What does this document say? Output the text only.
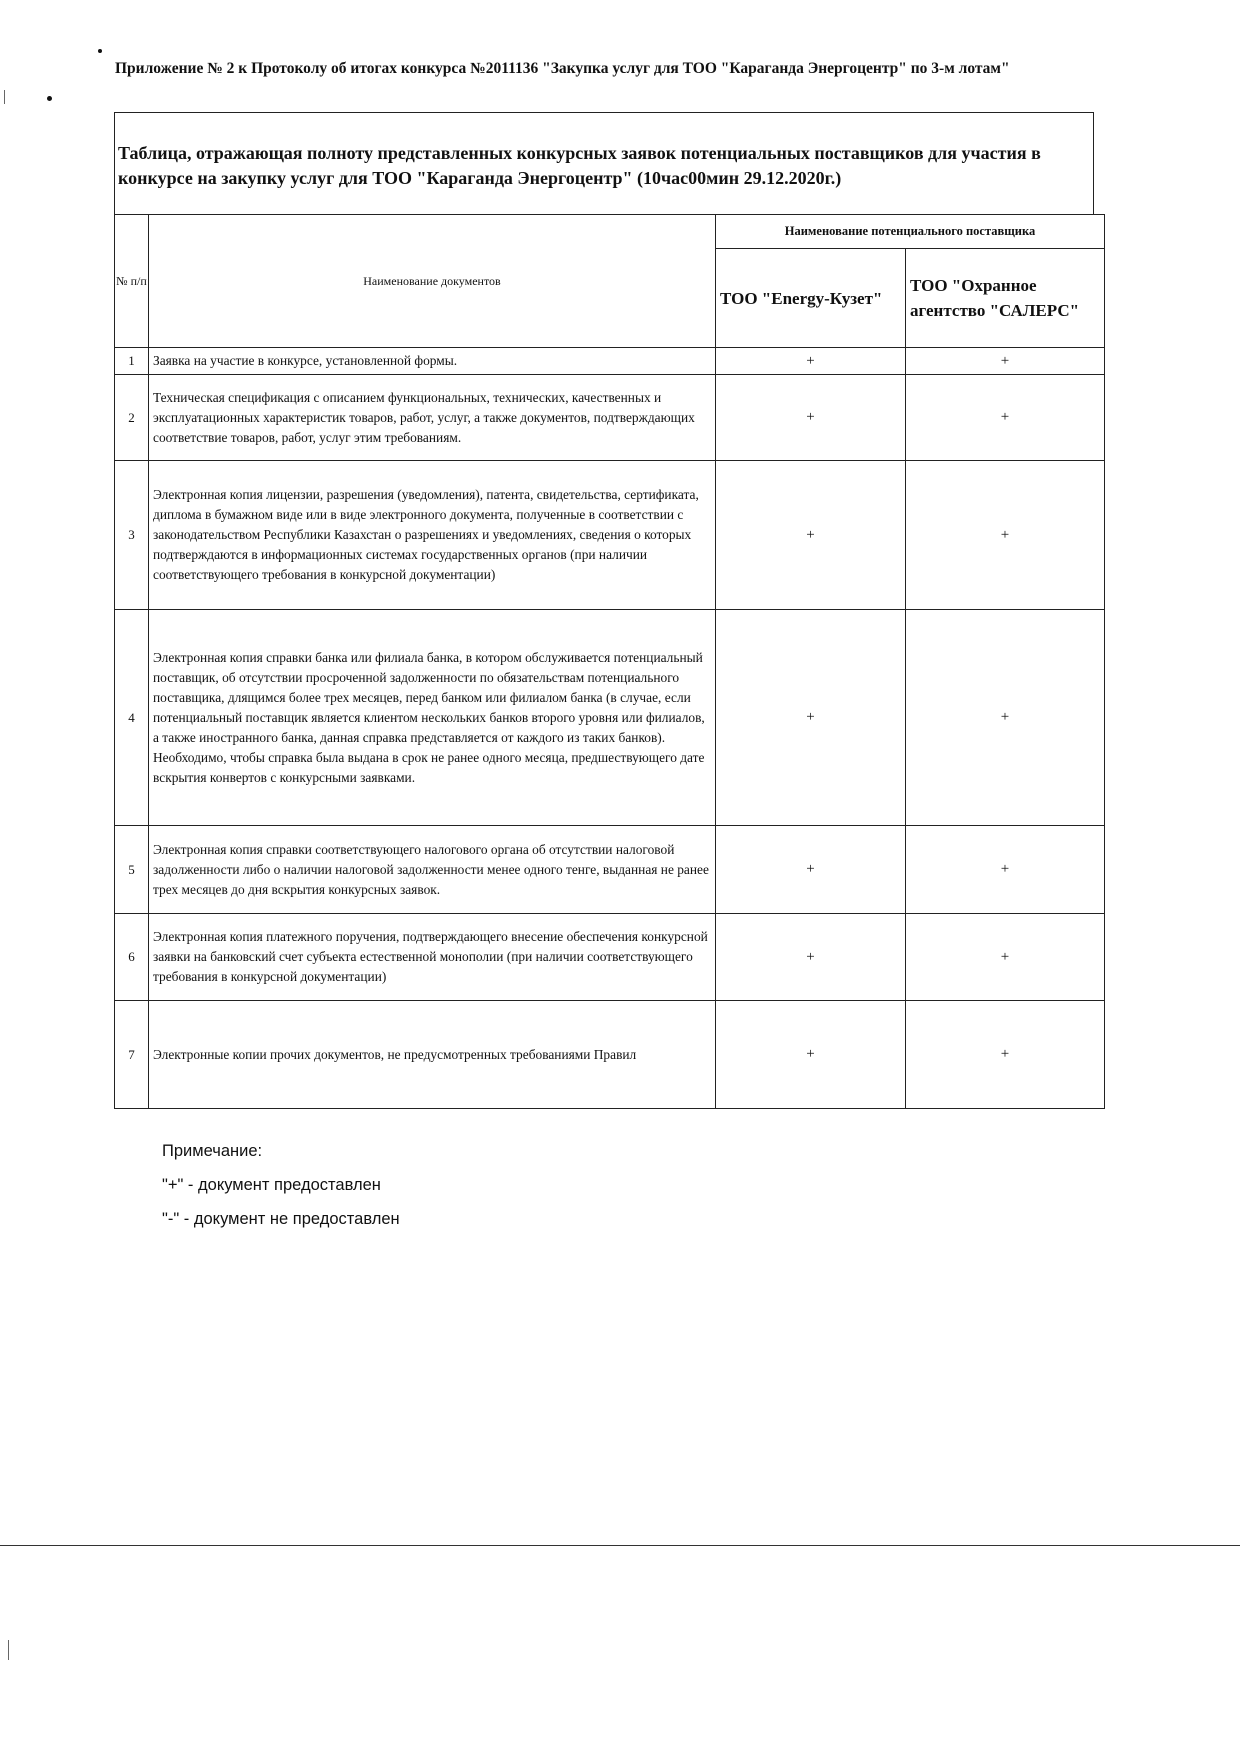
Приложение № 2 к Протоколу об итогах конкурса №2011136 "Закупка услуг для ТОО "Караганда Энергоцентр" по 3-м лотам"
Таблица, отражающая полноту представленных конкурсных заявок потенциальных поставщиков для участия в конкурсе на закупку услуг для ТОО "Караганда Энергоцентр" (10час00мин 29.12.2020г.)
№ п/п	Наименование документов	Наименование потенциального поставщика	
		ТОО "Energy-Кузет"	ТОО "Охранное агентство "САЛЕРС"
1	Заявка на участие в конкурсе, установленной формы.	+	+
2	Техническая спецификация с описанием функциональных, технических, качественных и эксплуатационных характеристик товаров, работ, услуг, а также документов, подтверждающих соответствие товаров, работ, услуг этим требованиям.	+	+
3	Электронная копия лицензии, разрешения (уведомления), патента, свидетельства, сертификата, диплома в бумажном виде или в виде электронного документа, полученные в соответствии с законодательством Республики Казахстан о разрешениях и уведомлениях, сведения о которых подтверждаются в информационных системах государственных органов (при наличии соответствующего требования в конкурсной документации)	+	+
4	Электронная копия справки банка или филиала банка, в котором обслуживается потенциальный поставщик, об отсутствии просроченной задолженности по обязательствам потенциального поставщика, длящимся более трех месяцев, перед банком или филиалом банка (в случае, если потенциальный поставщик является клиентом нескольких банков второго уровня или филиалов, а также иностранного банка, данная справка представляется от каждого из таких банков). Необходимо, чтобы справка была выдана в срок не ранее одного месяца, предшествующего дате вскрытия конвертов с конкурсными заявками.	+	+
5	Электронная копия справки соответствующего налогового органа об отсутствии налоговой задолженности либо о наличии налоговой задолженности менее одного тенге, выданная не ранее трех месяцев до дня вскрытия конкурсных заявок.	+	+
6	Электронная копия платежного поручения, подтверждающего внесение обеспечения конкурсной заявки на банковский счет субъекта естественной монополии (при наличии соответствующего требования в конкурсной документации)	+	+
7	Электронные копии прочих документов, не предусмотренных требованиями Правил	+	+
Примечание:
"+" - документ предоставлен
"-" - документ не предоставлен
